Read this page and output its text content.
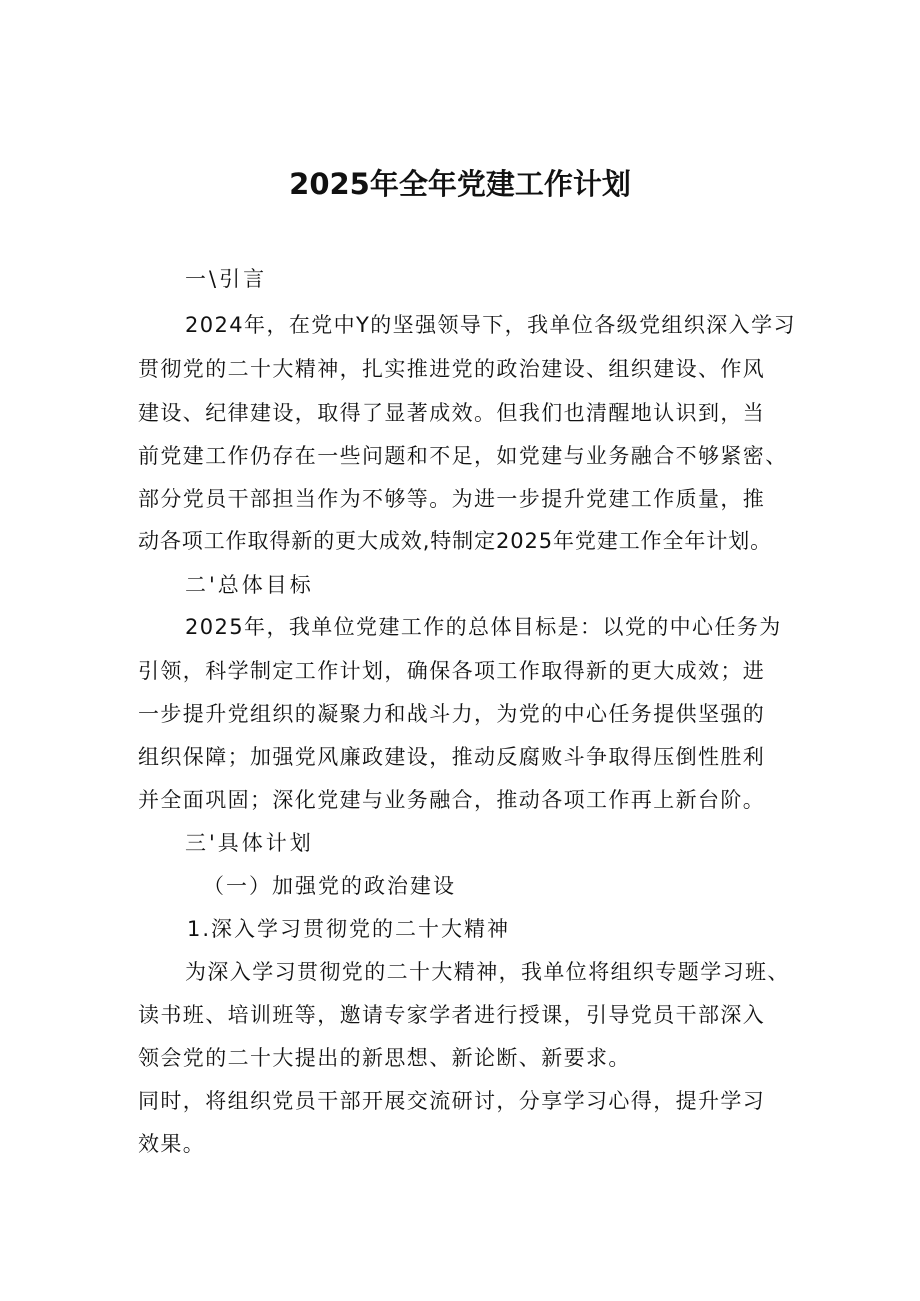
2025年全年党建工作计划

一\引言

2024年，在党中Y的坚强领导下，我单位各级党组织深入学习

贯彻党的二十大精神，扎实推进党的政治建设、组织建设、作风

建设、纪律建设，取得了显著成效。但我们也清醒地认识到，当

前党建工作仍存在一些问题和不足，如党建与业务融合不够紧密、

部分党员干部担当作为不够等。为进一步提升党建工作质量，推

动各项工作取得新的更大成效,特制定2025年党建工作全年计划。

二'总体目标

2025年，我单位党建工作的总体目标是：以党的中心任务为

引领，科学制定工作计划，确保各项工作取得新的更大成效；进

一步提升党组织的凝聚力和战斗力，为党的中心任务提供坚强的

组织保障；加强党风廉政建设，推动反腐败斗争取得压倒性胜利

并全面巩固；深化党建与业务融合，推动各项工作再上新台阶。

三'具体计划

（一）加强党的政治建设

1.深入学习贯彻党的二十大精神

为深入学习贯彻党的二十大精神，我单位将组织专题学习班、

读书班、培训班等，邀请专家学者进行授课，引导党员干部深入

领会党的二十大提出的新思想、新论断、新要求。

同时，将组织党员干部开展交流研讨，分享学习心得，提升学习

效果。
